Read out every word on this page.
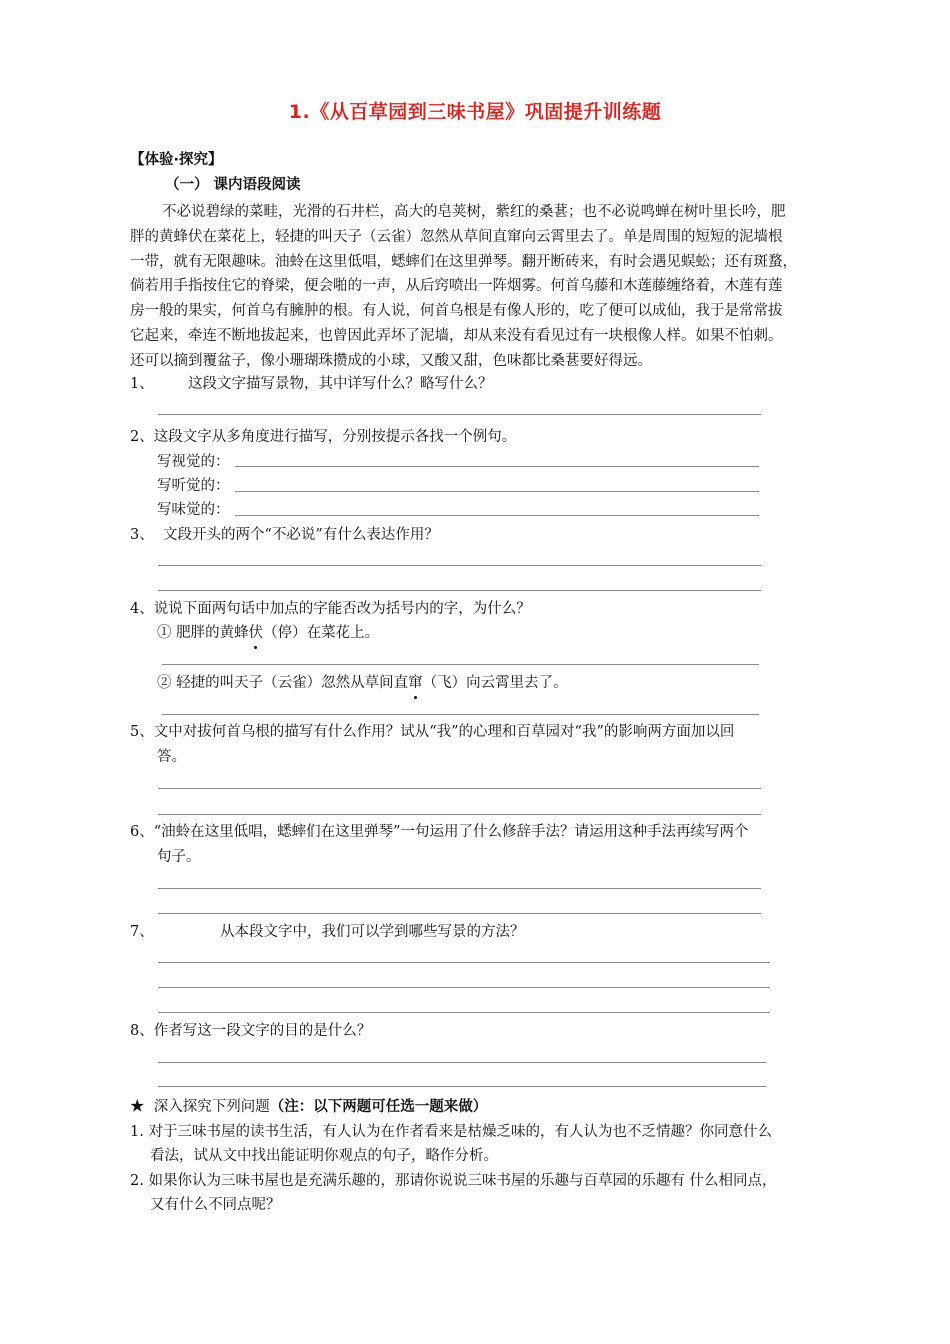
1.《从百草园到三味书屋》巩固提升训练题
【体验·探究】
（一） 课内语段阅读
不必说碧绿的菜畦，光滑的石井栏，高大的皂荚树，紫红的桑葚；也不必说鸣蝉在树叶里长吟，肥
胖的黄蜂伏在菜花上，轻捷的叫天子（云雀）忽然从草间直窜向云霄里去了。单是周围的短短的泥墙根
一带，就有无限趣味。油蛉在这里低唱，蟋蟀们在这里弹琴。翻开断砖来，有时会遇见蜈蚣；还有斑蝥，
倘若用手指按住它的脊梁，便会啪的一声，从后窍喷出一阵烟雾。何首乌藤和木莲藤缠络着，木莲有莲
房一般的果实，何首乌有臃肿的根。有人说，何首乌根是有像人形的，吃了便可以成仙，我于是常常拔
它起来，牵连不断地拔起来，也曾因此弄坏了泥墙，却从来没有看见过有一块根像人样。如果不怕刺。
还可以摘到覆盆子，像小珊瑚珠攒成的小球，又酸又甜，色味都比桑葚要好得远。
1、 这段文字描写景物，其中详写什么？略写什么？
2、这段文字从多角度进行描写，分别按提示各找一个例句。
写视觉的：
写听觉的：
写味觉的：
3、 文段开头的两个“不必说”有什么表达作用？
4、说说下面两句话中加点的字能否改为括号内的字，为什么？
① 肥胖的黄蜂伏（停）在菜花上。
② 轻捷的叫天子（云雀）忽然从草间直窜（飞）向云霄里去了。
5、文中对拔何首乌根的描写有什么作用？试从“我”的心理和百草园对“我”的影响两方面加以回
答。
6、“油蛉在这里低唱，蟋蟀们在这里弹琴”一句运用了什么修辞手法？请运用这种手法再续写两个
句子。
7、	从本段文字中，我们可以学到哪些写景的方法？
8、作者写这一段文字的目的是什么？
★ 深入探究下列问题（注：以下两题可任选一题来做）
1. 对于三味书屋的读书生活，有人认为在作者看来是枯燥乏味的，有人认为也不乏情趣？你同意什么
看法，试从文中找出能证明你观点的句子，略作分析。
2. 如果你认为三味书屋也是充满乐趣的，那请你说说三味书屋的乐趣与百草园的乐趣有 什么相同点，
又有什么不同点呢？
